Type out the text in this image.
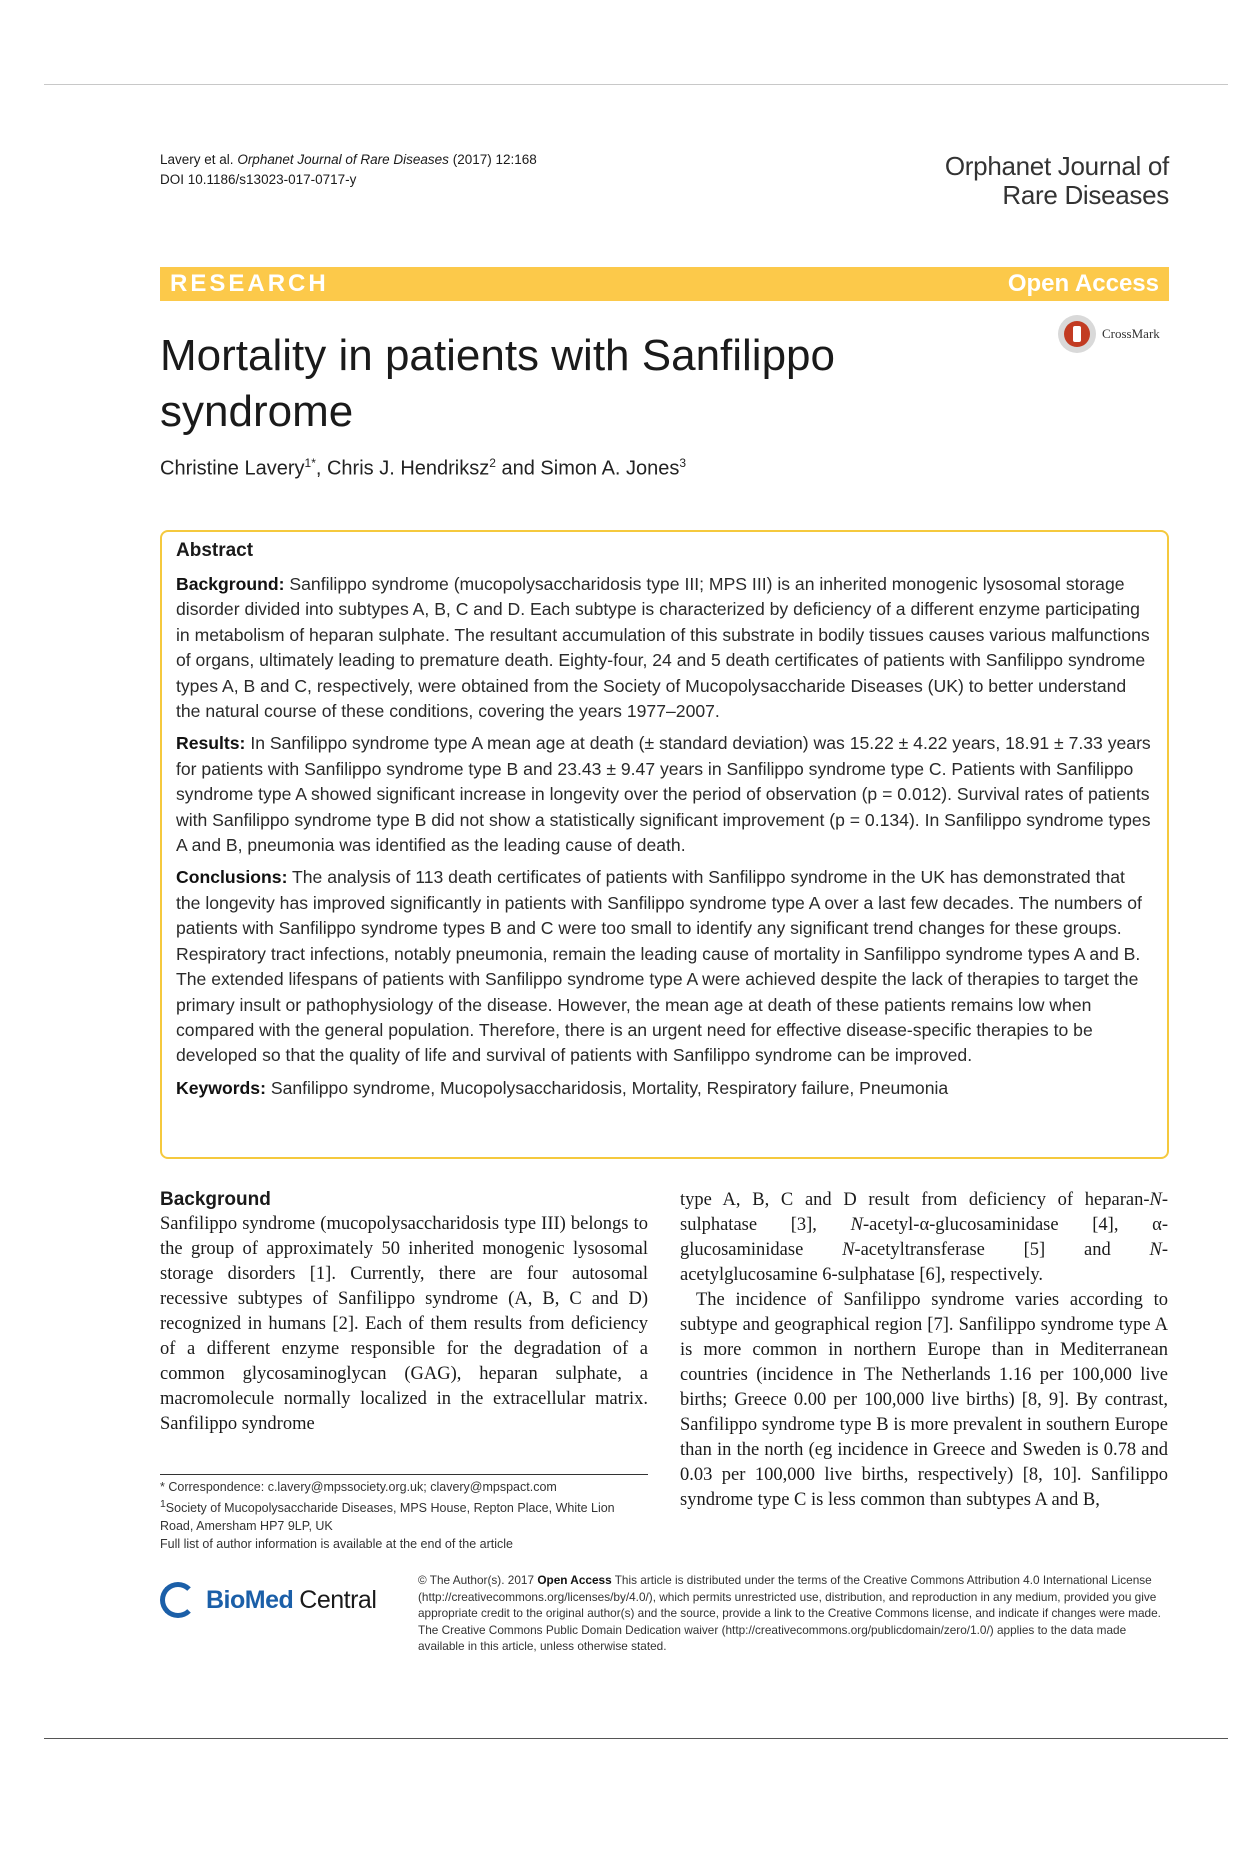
Lavery et al. Orphanet Journal of Rare Diseases (2017) 12:168
DOI 10.1186/s13023-017-0717-y	Orphanet Journal of
Rare Diseases
RESEARCH	Open Access
CrossMark
Mortality in patients with Sanfilippo syndrome
Christine Lavery$^{1*}$, Chris J. Hendriksz$^2$ and Simon A. Jones$^3$
Abstract

Background: Sanfilippo syndrome (mucopolysaccharidosis type III; MPS III) is an inherited monogenic lysosomal storage disorder divided into subtypes A, B, C and D. Each subtype is characterized by deficiency of a different enzyme participating in metabolism of heparan sulphate. The resultant accumulation of this substrate in bodily tissues causes various malfunctions of organs, ultimately leading to premature death. Eighty-four, 24 and 5 death certificates of patients with Sanfilippo syndrome types A, B and C, respectively, were obtained from the Society of Mucopolysaccharide Diseases (UK) to better understand the natural course of these conditions, covering the years 1977–2007.

Results: In Sanfilippo syndrome type A mean age at death (± standard deviation) was 15.22 ± 4.22 years, 18.91 ± 7.33 years for patients with Sanfilippo syndrome type B and 23.43 ± 9.47 years in Sanfilippo syndrome type C. Patients with Sanfilippo syndrome type A showed significant increase in longevity over the period of observation (p = 0.012). Survival rates of patients with Sanfilippo syndrome type B did not show a statistically significant improvement (p = 0.134). In Sanfilippo syndrome types A and B, pneumonia was identified as the leading cause of death.

Conclusions: The analysis of 113 death certificates of patients with Sanfilippo syndrome in the UK has demonstrated that the longevity has improved significantly in patients with Sanfilippo syndrome type A over a last few decades. The numbers of patients with Sanfilippo syndrome types B and C were too small to identify any significant trend changes for these groups. Respiratory tract infections, notably pneumonia, remain the leading cause of mortality in Sanfilippo syndrome types A and B. The extended lifespans of patients with Sanfilippo syndrome type A were achieved despite the lack of therapies to target the primary insult or pathophysiology of the disease. However, the mean age at death of these patients remains low when compared with the general population. Therefore, there is an urgent need for effective disease-specific therapies to be developed so that the quality of life and survival of patients with Sanfilippo syndrome can be improved.

Keywords: Sanfilippo syndrome, Mucopolysaccharidosis, Mortality, Respiratory failure, Pneumonia

Background

Sanfilippo syndrome (mucopolysaccharidosis type III) belongs to the group of approximately 50 inherited monogenic lysosomal storage disorders [1]. Currently, there are four autosomal recessive subtypes of Sanfilippo syndrome (A, B, C and D) recognized in humans [2]. Each of them results from deficiency of a different enzyme responsible for the degradation of a common glycosaminoglycan (GAG), heparan sulphate, a macromolecule normally localized in the extracellular matrix. Sanfilippo syndrome

type A, B, C and D result from deficiency of heparan-N-sulphatase [3], N-acetyl-α-glucosaminidase [4], α-glucosaminidase N-acetyltransferase [5] and N-acetylglucosamine 6-sulphatase [6], respectively.

The incidence of Sanfilippo syndrome varies according to subtype and geographical region [7]. Sanfilippo syndrome type A is more common in northern Europe than in Mediterranean countries (incidence in The Netherlands 1.16 per 100,000 live births; Greece 0.00 per 100,000 live births) [8, 9]. By contrast, Sanfilippo syndrome type B is more prevalent in southern Europe than in the north (eg incidence in Greece and Sweden is 0.78 and 0.03 per 100,000 live births, respectively) [8, 10]. Sanfilippo syndrome type C is less common than subtypes A and B,

* Correspondence: c.lavery@mpssociety.org.uk; clavery@mpspact.com
$^1$Society of Mucopolysaccharide Diseases, MPS House, Repton Place, White Lion Road, Amersham HP7 9LP, UK
Full list of author information is available at the end of the article
BioMed Central
© The Author(s). 2017 Open Access This article is distributed under the terms of the Creative Commons Attribution 4.0 International License (http://creativecommons.org/licenses/by/4.0/), which permits unrestricted use, distribution, and reproduction in any medium, provided you give appropriate credit to the original author(s) and the source, provide a link to the Creative Commons license, and indicate if changes were made. The Creative Commons Public Domain Dedication waiver (http://creativecommons.org/publicdomain/zero/1.0/) applies to the data made available in this article, unless otherwise stated.
